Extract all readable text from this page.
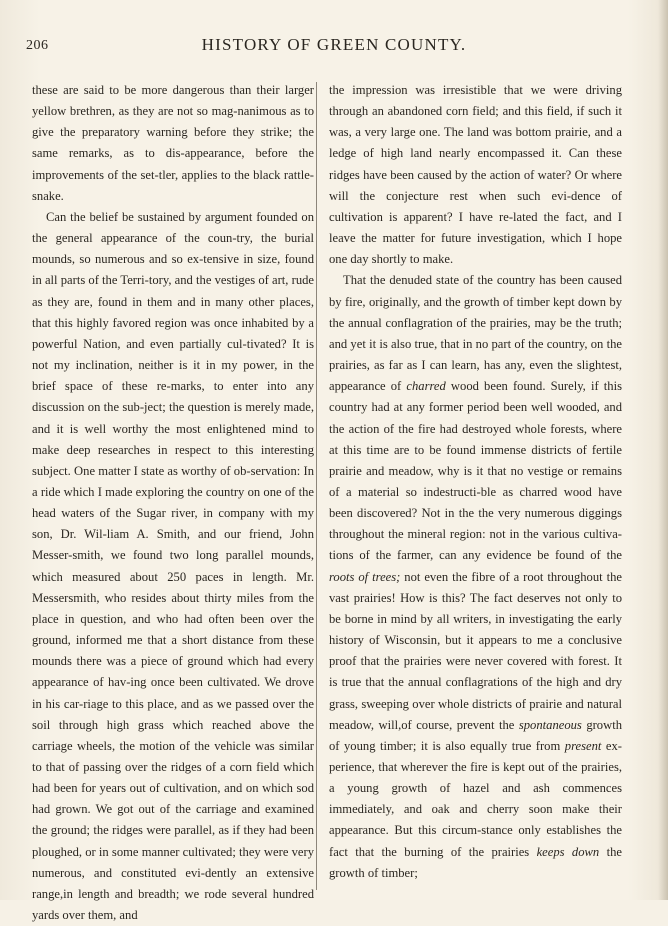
206	HISTORY OF GREEN COUNTY.

these are said to be more dangerous than their larger yellow brethren, as they are not so mag-nanimous as to give the preparatory warning before they strike; the same remarks, as to dis-appearance, before the improvements of the set-tler, applies to the black rattle-snake.

Can the belief be sustained by argument founded on the general appearance of the coun-try, the burial mounds, so numerous and so ex-tensive in size, found in all parts of the Terri-tory, and the vestiges of art, rude as they are, found in them and in many other places, that this highly favored region was once inhabited by a powerful Nation, and even partially cul-tivated? It is not my inclination, neither is it in my power, in the brief space of these re-marks, to enter into any discussion on the sub-ject; the question is merely made, and it is well worthy the most enlightened mind to make deep researches in respect to this interesting subject. One matter I state as worthy of ob-servation: In a ride which I made exploring the country on one of the head waters of the Sugar river, in company with my son, Dr. Wil-liam A. Smith, and our friend, John Messer-smith, we found two long parallel mounds, which measured about 250 paces in length. Mr. Messersmith, who resides about thirty miles from the place in question, and who had often been over the ground, informed me that a short distance from these mounds there was a piece of ground which had every appearance of hav-ing once been cultivated. We drove in his car-riage to this place, and as we passed over the soil through high grass which reached above the carriage wheels, the motion of the vehicle was similar to that of passing over the ridges of a corn field which had been for years out of cultivation, and on which sod had grown. We got out of the carriage and examined the ground; the ridges were parallel, as if they had been ploughed, or in some manner cultivated; they were very numerous, and constituted evi-dently an extensive range,in length and breadth; we rode several hundred yards over them, and

the impression was irresistible that we were driving through an abandoned corn field; and this field, if such it was, a very large one. The land was bottom prairie, and a ledge of high land nearly encompassed it. Can these ridges have been caused by the action of water? Or where will the conjecture rest when such evi-dence of cultivation is apparent? I have re-lated the fact, and I leave the matter for future investigation, which I hope one day shortly to make.

That the denuded state of the country has been caused by fire, originally, and the growth of timber kept down by the annual conflagration of the prairies, may be the truth; and yet it is also true, that in no part of the country, on the prairies, as far as I can learn, has any, even the slightest, appearance of charred wood been found. Surely, if this country had at any former period been well wooded, and the action of the fire had destroyed whole forests, where at this time are to be found immense districts of fertile prairie and meadow, why is it that no vestige or remains of a material so indestructi-ble as charred wood have been discovered? Not in the the very numerous diggings throughout the mineral region: not in the various cultiva-tions of the farmer, can any evidence be found of the roots of trees; not even the fibre of a root throughout the vast prairies! How is this? The fact deserves not only to be borne in mind by all writers, in investigating the early history of Wisconsin, but it appears to me a conclusive proof that the prairies were never covered with forest. It is true that the annual conflagrations of the high and dry grass, sweeping over whole districts of prairie and natural meadow, will,of course, prevent the spontaneous growth of young timber; it is also equally true from present ex-perience, that wherever the fire is kept out of the prairies, a young growth of hazel and ash commences immediately, and oak and cherry soon make their appearance. But this circum-stance only establishes the fact that the burning of the prairies keeps down the growth of timber;
